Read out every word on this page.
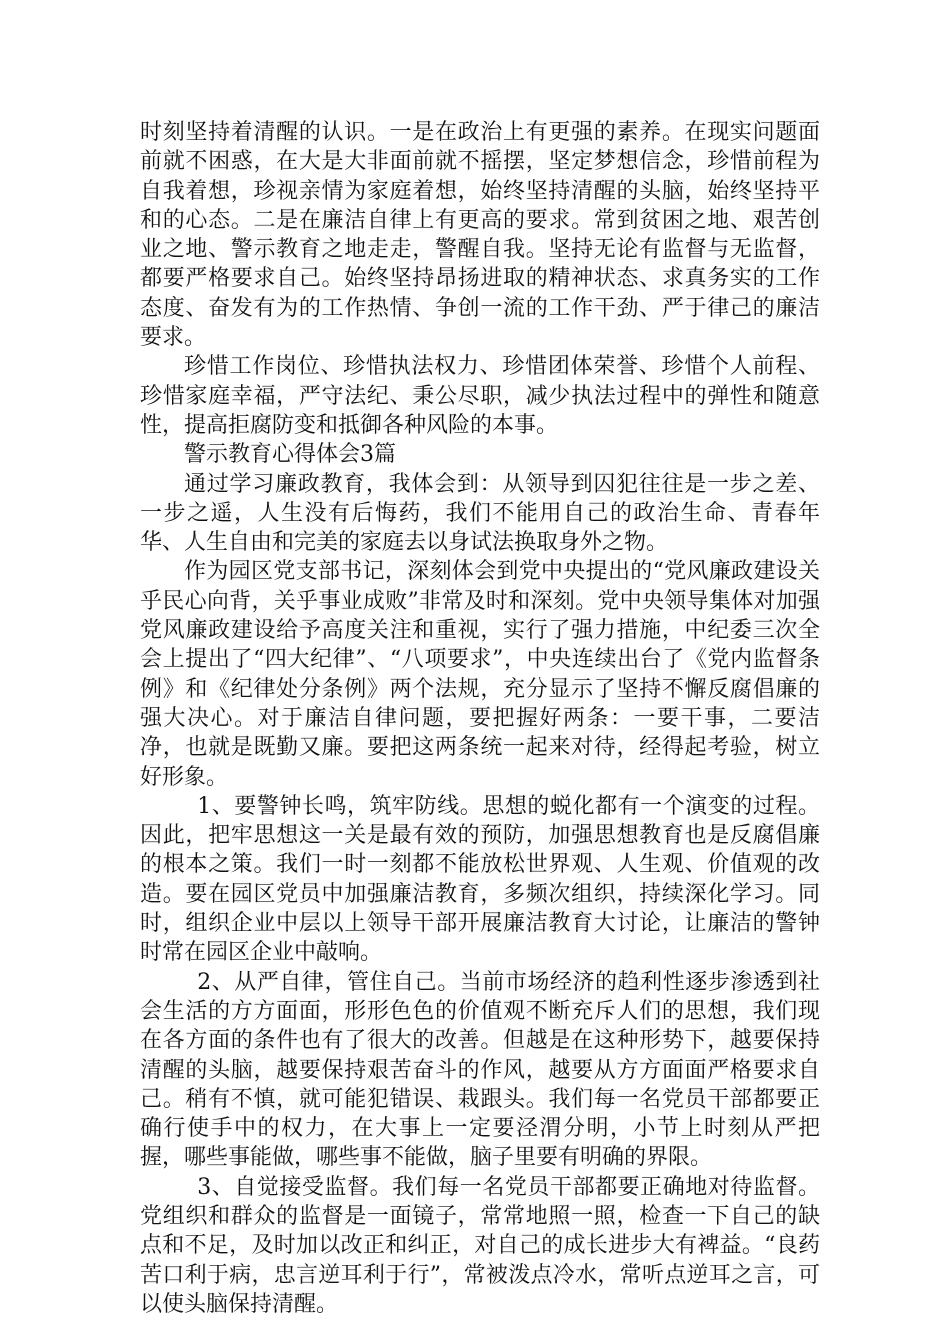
时刻坚持着清醒的认识。一是在政治上有更强的素养。在现实问题面前就不困惑，在大是大非面前就不摇摆，坚定梦想信念，珍惜前程为自我着想，珍视亲情为家庭着想，始终坚持清醒的头脑，始终坚持平和的心态。二是在廉洁自律上有更高的要求。常到贫困之地、艰苦创业之地、警示教育之地走走，警醒自我。坚持无论有监督与无监督，都要严格要求自己。始终坚持昂扬进取的精神状态、求真务实的工作态度、奋发有为的工作热情、争创一流的工作干劲、严于律己的廉洁要求。

珍惜工作岗位、珍惜执法权力、珍惜团体荣誉、珍惜个人前程、珍惜家庭幸福，严守法纪、秉公尽职，减少执法过程中的弹性和随意性，提高拒腐防变和抵御各种风险的本事。

警示教育心得体会3篇

通过学习廉政教育，我体会到：从领导到囚犯往往是一步之差、一步之遥，人生没有后悔药，我们不能用自己的政治生命、青春年华、人生自由和完美的家庭去以身试法换取身外之物。

作为园区党支部书记，深刻体会到党中央提出的“党风廉政建设关乎民心向背，关乎事业成败”非常及时和深刻。党中央领导集体对加强党风廉政建设给予高度关注和重视，实行了强力措施，中纪委三次全会上提出了“四大纪律”、“八项要求”，中央连续出台了《党内监督条例》和《纪律处分条例》两个法规，充分显示了坚持不懈反腐倡廉的强大决心。对于廉洁自律问题，要把握好两条：一要干事，二要洁净，也就是既勤又廉。要把这两条统一起来对待，经得起考验，树立好形象。

1、要警钟长鸣，筑牢防线。思想的蜕化都有一个演变的过程。因此，把牢思想这一关是最有效的预防，加强思想教育也是反腐倡廉的根本之策。我们一时一刻都不能放松世界观、人生观、价值观的改造。要在园区党员中加强廉洁教育，多频次组织，持续深化学习。同时，组织企业中层以上领导干部开展廉洁教育大讨论，让廉洁的警钟时常在园区企业中敲响。

2、从严自律，管住自己。当前市场经济的趋利性逐步渗透到社会生活的方方面面，形形色色的价值观不断充斥人们的思想，我们现在各方面的条件也有了很大的改善。但越是在这种形势下，越要保持清醒的头脑，越要保持艰苦奋斗的作风，越要从方方面面严格要求自己。稍有不慎，就可能犯错误、栽跟头。我们每一名党员干部都要正确行使手中的权力，在大事上一定要泾渭分明，小节上时刻从严把握，哪些事能做，哪些事不能做，脑子里要有明确的界限。

3、自觉接受监督。我们每一名党员干部都要正确地对待监督。党组织和群众的监督是一面镜子，常常地照一照，检查一下自己的缺点和不足，及时加以改正和纠正，对自己的成长进步大有裨益。“良药苦口利于病，忠言逆耳利于行”，常被泼点冷水，常听点逆耳之言，可以使头脑保持清醒。
